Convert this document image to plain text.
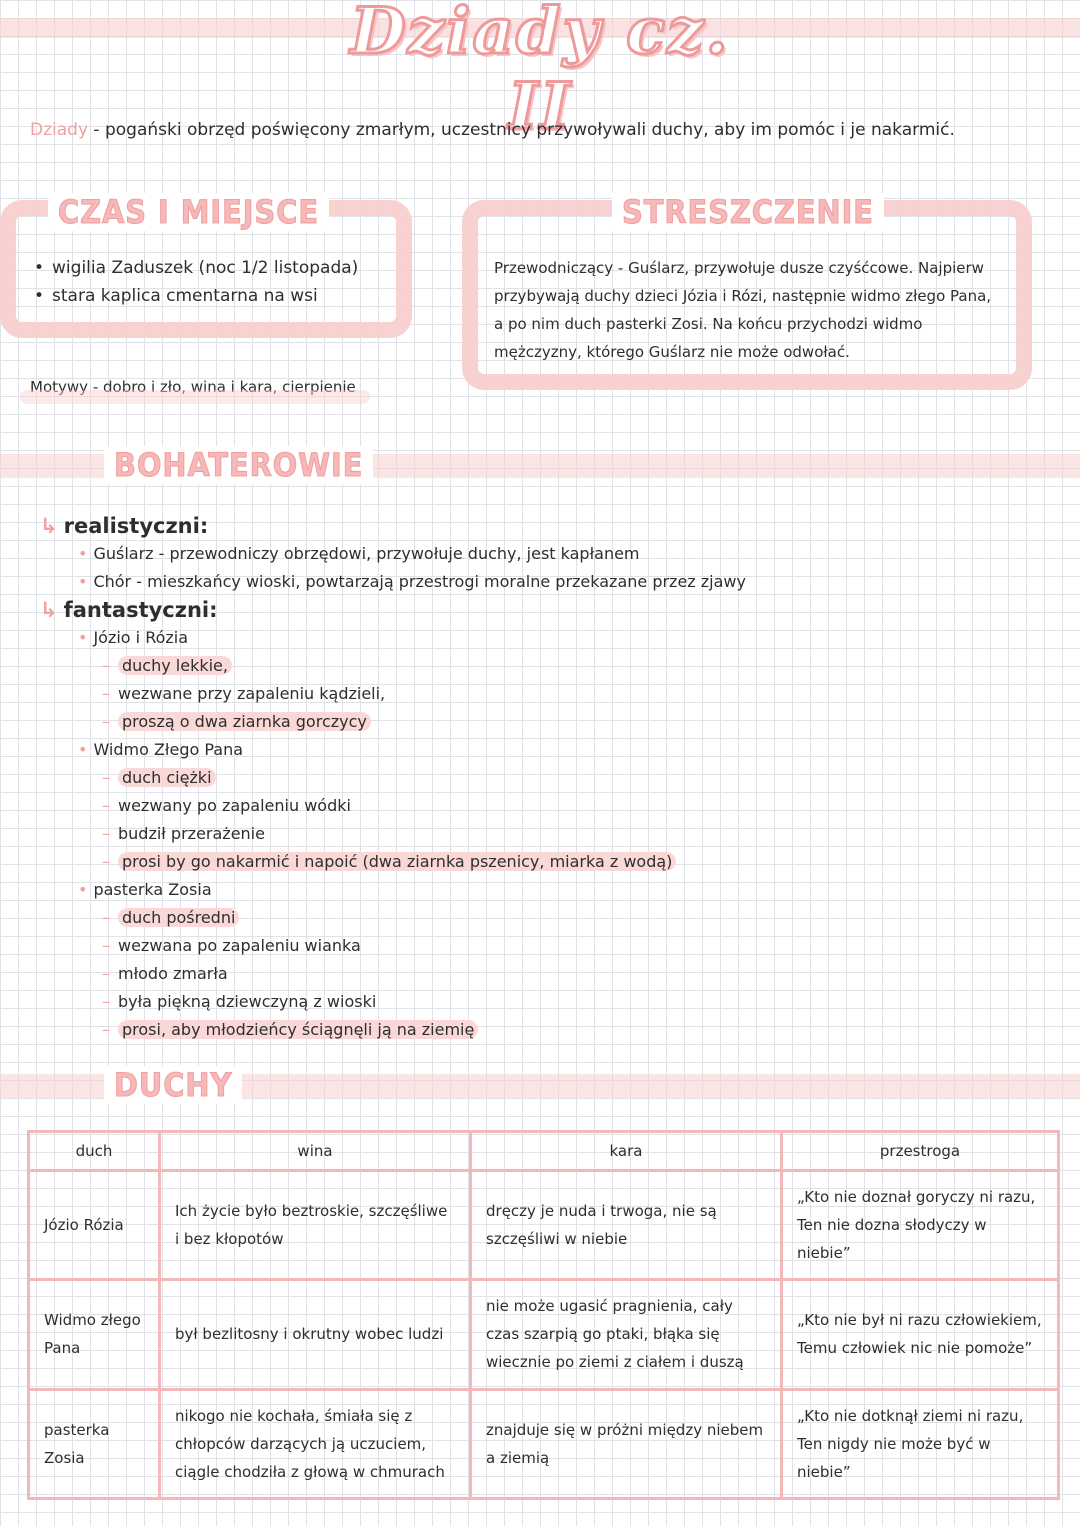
Dziady cz. II
Dziady - pogański obrzęd poświęcony zmarłym, uczestnicy przywoływali duchy, aby im pomóc i je nakarmić.
CZAS I MIEJSCE
• wigilia Zaduszek (noc 1/2 listopada)
• stara kaplica cmentarna na wsi
Motywy - dobro i zło, wina i kara, cierpienie
STRESZCZENIE
Przewodniczący - Guślarz, przywołuje dusze czyśćcowe. Najpierw przybywają duchy dzieci Józia i Rózi, następnie widmo złego Pana, a po nim duch pasterki Zosi. Na końcu przychodzi widmo mężczyzny, którego Guślarz nie może odwołać.
BOHATEROWIE
↳ realistyczni:
• Guślarz - przewodniczy obrzędowi, przywołuje duchy, jest kapłanem
• Chór - mieszkańcy wioski, powtarzają przestrogi moralne przekazane przez zjawy
↳ fantastyczni:
• Józio i Rózia
– duchy lekkie,
– wezwane przy zapaleniu kądzieli,
– proszą o dwa ziarnka gorczycy
• Widmo Złego Pana
– duch ciężki
– wezwany po zapaleniu wódki
– budził przerażenie
– prosi by go nakarmić i napoić (dwa ziarnka pszenicy, miarka z wodą)
• pasterka Zosia
– duch pośredni
– wezwana po zapaleniu wianka
– młodo zmarła
– była piękną dziewczyną z wioski
– prosi, aby młodzieńcy ściągnęli ją na ziemię
DUCHY
duch	wina	kara	przestroga
Józio Rózia	Ich życie było beztroskie, szczęśliwe i bez kłopotów	dręczy je nuda i trwoga, nie są szczęśliwi w niebie	„Kto nie doznał goryczy ni razu, Ten nie dozna słodyczy w niebie”
Widmo złego Pana	był bezlitosny i okrutny wobec ludzi	nie może ugasić pragnienia, cały czas szarpią go ptaki, błąka się wiecznie po ziemi z ciałem i duszą	„Kto nie był ni razu człowiekiem, Temu człowiek nic nie pomoże”
pasterka Zosia	nikogo nie kochała, śmiała się z chłopców darzących ją uczuciem, ciągle chodziła z głową w chmurach	znajduje się w próżni między niebem a ziemią	„Kto nie dotknął ziemi ni razu, Ten nigdy nie może być w niebie”
